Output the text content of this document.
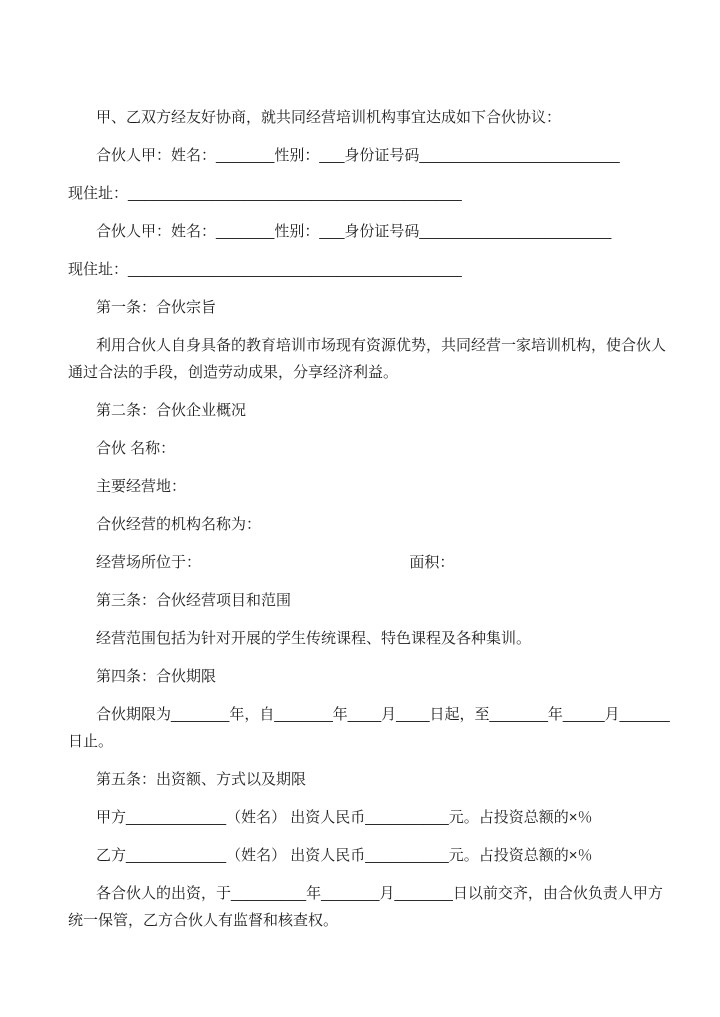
甲、乙双方经友好协商，就共同经营培训机构事宜达成如下合伙协议：
合伙人甲：姓名：_______性别：___身份证号码________________________
现住址：________________________________________
合伙人甲：姓名：_______性别：___身份证号码_______________________
现住址：________________________________________
第一条：合伙宗旨
利用合伙人自身具备的教育培训市场现有资源优势，共同经营一家培训机构，使合伙人
通过合法的手段，创造劳动成果，分享经济利益。
第二条：合伙企业概况
合伙 名称：
主要经营地：
合伙经营的机构名称为：
经营场所位于：                                                  面积：
第三条：合伙经营项目和范围
经营范围包括为针对开展的学生传统课程、特色课程及各种集训。
第四条：合伙期限
合伙期限为_______年，自_______年____月____日起，至_______年_____月______
日止。
第五条：出资额、方式以及期限
甲方____________（姓名） 出资人民币__________元。占投资总额的×％
乙方____________（姓名） 出资人民币__________元。占投资总额的×％
各合伙人的出资，于_________年_______月_______日以前交齐，由合伙负责人甲方
统一保管，乙方合伙人有监督和核查权。
